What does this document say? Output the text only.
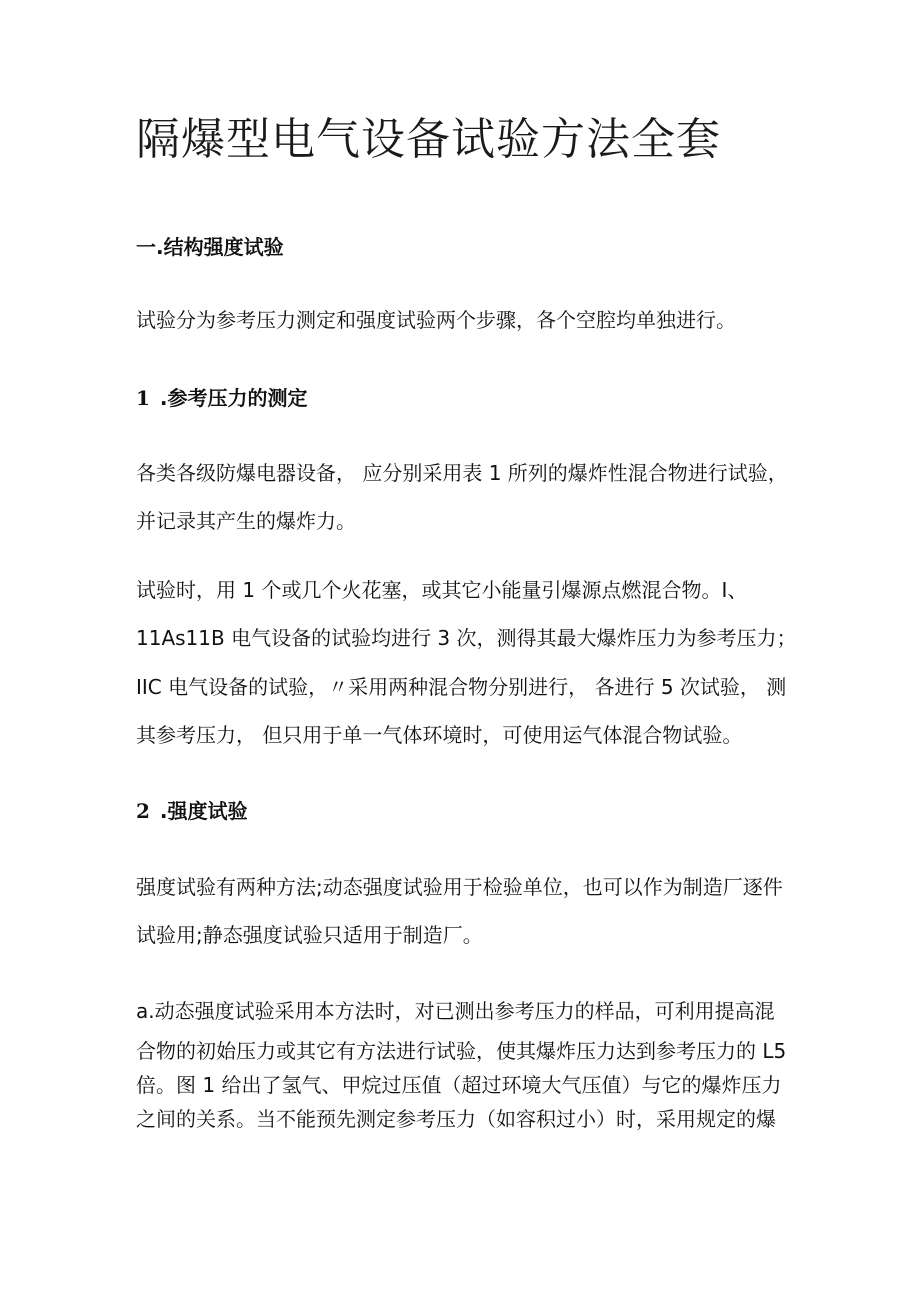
隔爆型电气设备试验方法全套
一.结构强度试验
试验分为参考压力测定和强度试验两个步骤，各个空腔均单独进行。
1 .参考压力的测定
各类各级防爆电器设备， 应分别采用表 1 所列的爆炸性混合物进行试验，
并记录其产生的爆炸力。
试验时，用 1 个或几个火花塞，或其它小能量引爆源点燃混合物。I、
11As11B 电气设备的试验均进行 3 次，测得其最大爆炸压力为参考压力；
IIC 电气设备的试验，〃采用两种混合物分别进行， 各进行 5 次试验， 测
其参考压力， 但只用于单一气体环境时，可使用运气体混合物试验。
2 .强度试验
强度试验有两种方法;动态强度试验用于检验单位，也可以作为制造厂逐件
试验用;静态强度试验只适用于制造厂。
a.动态强度试验采用本方法时，对已测出参考压力的样品，可利用提高混
合物的初始压力或其它有方法进行试验，使其爆炸压力达到参考压力的 L5
倍。图 1 给出了氢气、甲烷过压值（超过环境大气压值）与它的爆炸压力
之间的关系。当不能预先测定参考压力（如容积过小）时，采用规定的爆
